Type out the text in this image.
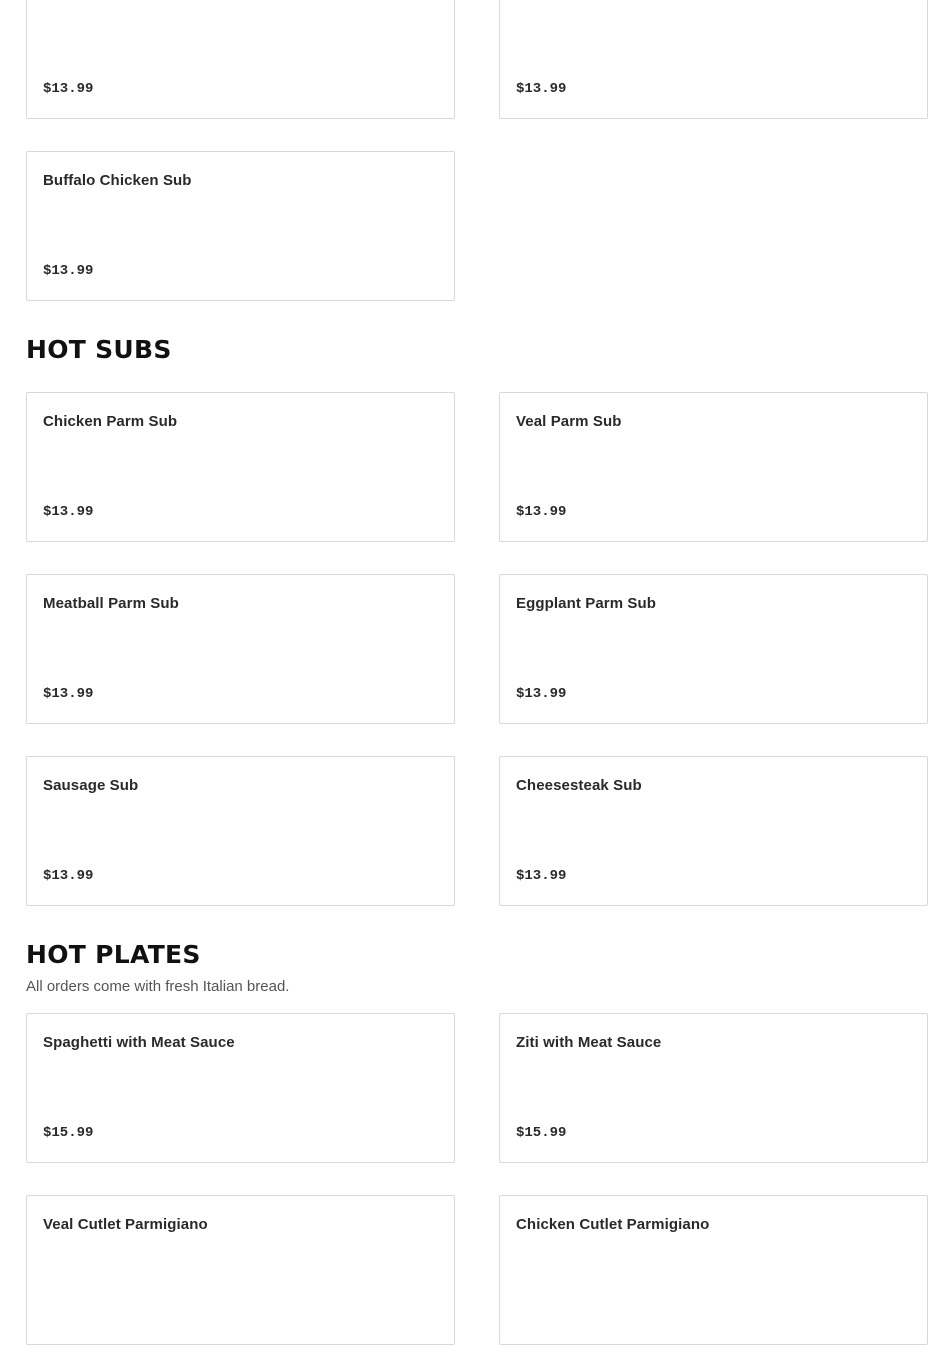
$13.99	$13.99
Buffalo Chicken Sub
$13.99
HOT SUBS
Chicken Parm Sub
$13.99
Veal Parm Sub
$13.99
Meatball Parm Sub
$13.99
Eggplant Parm Sub
$13.99
Sausage Sub
$13.99
Cheesesteak Sub
$13.99
HOT PLATES
All orders come with fresh Italian bread.
Spaghetti with Meat Sauce
$15.99
Ziti with Meat Sauce
$15.99
Veal Cutlet Parmigiano	Chicken Cutlet Parmigiano
